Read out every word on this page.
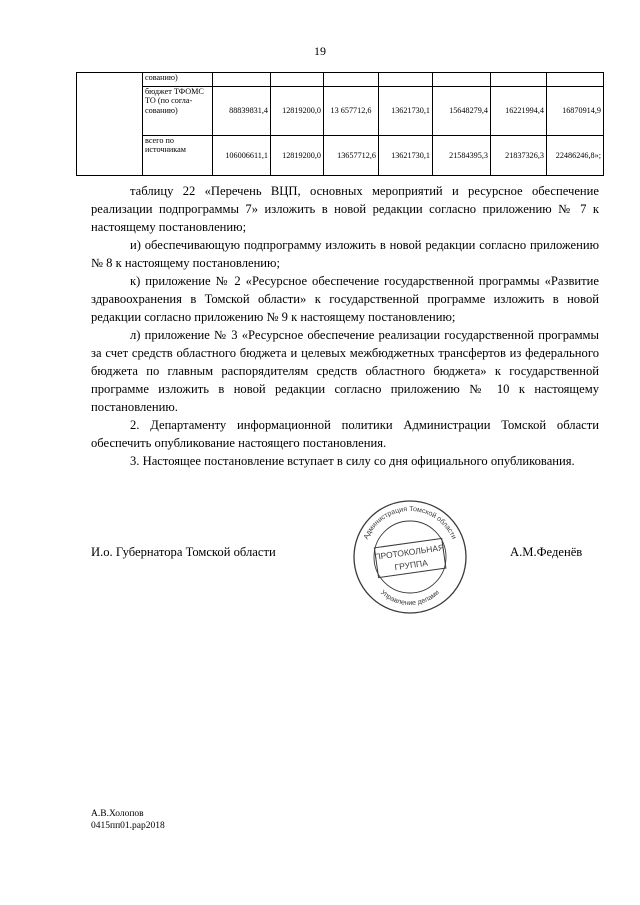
19
	сованию)							
	бюджет ТФОМС ТО (по согла-сованию)	88839831,4	12819200,0	13 657712,6	13621730,1	15648279,4	16221994,4	16870914,9
	всего по источникам	106006611,1	12819200,0	13657712,6	13621730,1	21584395,3	21837326,3	22486246,8»;

таблицу 22 «Перечень ВЦП, основных мероприятий и ресурсное обеспечение реализации подпрограммы 7» изложить в новой редакции согласно приложению № 7 к настоящему постановлению;

и) обеспечивающую подпрограмму изложить в новой редакции согласно приложению № 8 к настоящему постановлению;

к) приложение № 2 «Ресурсное обеспечение государственной программы «Развитие здравоохранения в Томской области» к государственной программе изложить в новой редакции согласно приложению № 9 к настоящему постановлению;

л) приложение № 3 «Ресурсное обеспечение реализации государственной программы за счет средств областного бюджета и целевых межбюджетных трансфертов из федерального бюджета по главным распорядителям средств областного бюджета» к государственной программе изложить в новой редакции согласно приложению № 10 к настоящему постановлению.

2. Департаменту информационной политики Администрации Томской области обеспечить опубликование настоящего постановления.

3. Настоящее постановление вступает в силу со дня официального опубликования.

И.о. Губернатора Томской области
Администрация Томской области
Управление делами
ПРОТОКОЛЬНАЯ
ГРУППА
А.М.Феденёв
А.В.Холопов
0415пп01.рар2018
